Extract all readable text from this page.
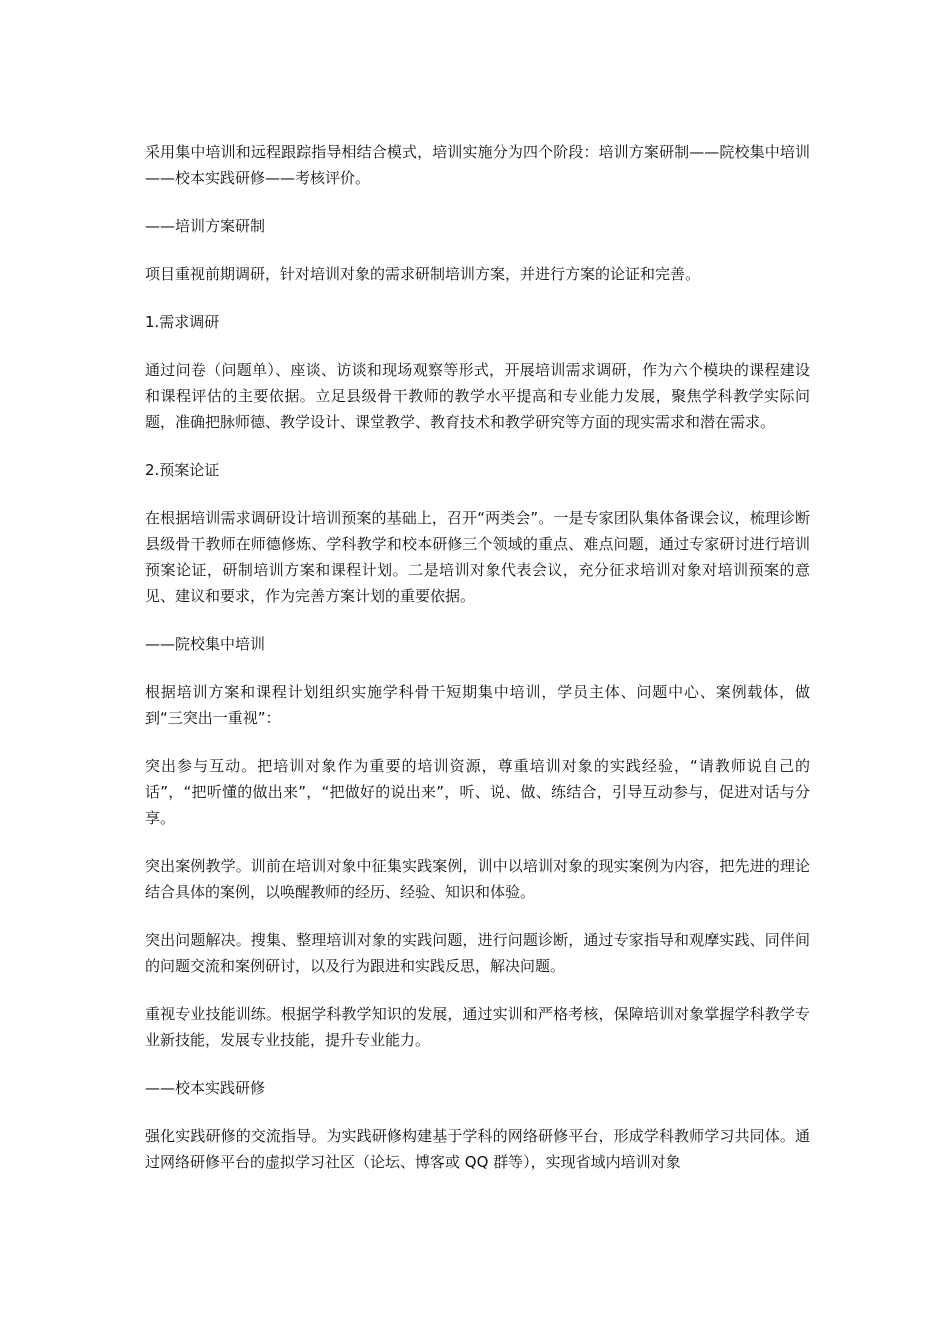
采用集中培训和远程跟踪指导相结合模式，培训实施分为四个阶段：培训方案研制——院校集中培训——校本实践研修——考核评价。

——培训方案研制

项目重视前期调研，针对培训对象的需求研制培训方案，并进行方案的论证和完善。

1.需求调研

通过问卷（问题单）、座谈、访谈和现场观察等形式，开展培训需求调研，作为六个模块的课程建设和课程评估的主要依据。立足县级骨干教师的教学水平提高和专业能力发展，聚焦学科教学实际问题，准确把脉师德、教学设计、课堂教学、教育技术和教学研究等方面的现实需求和潜在需求。

2.预案论证

在根据培训需求调研设计培训预案的基础上，召开“两类会”。一是专家团队集体备课会议，梳理诊断县级骨干教师在师德修炼、学科教学和校本研修三个领域的重点、难点问题，通过专家研讨进行培训预案论证，研制培训方案和课程计划。二是培训对象代表会议，充分征求培训对象对培训预案的意见、建议和要求，作为完善方案计划的重要依据。

——院校集中培训

根据培训方案和课程计划组织实施学科骨干短期集中培训，学员主体、问题中心、案例载体，做到“三突出一重视”：

突出参与互动。把培训对象作为重要的培训资源，尊重培训对象的实践经验，“请教师说自己的话”，“把听懂的做出来”，“把做好的说出来”，听、说、做、练结合，引导互动参与，促进对话与分享。

突出案例教学。训前在培训对象中征集实践案例，训中以培训对象的现实案例为内容，把先进的理论结合具体的案例，以唤醒教师的经历、经验、知识和体验。

突出问题解决。搜集、整理培训对象的实践问题，进行问题诊断，通过专家指导和观摩实践、同伴间的问题交流和案例研讨，以及行为跟进和实践反思，解决问题。

重视专业技能训练。根据学科教学知识的发展，通过实训和严格考核，保障培训对象掌握学科教学专业新技能，发展专业技能，提升专业能力。

——校本实践研修

强化实践研修的交流指导。为实践研修构建基于学科的网络研修平台，形成学科教师学习共同体。通过网络研修平台的虚拟学习社区（论坛、博客或 QQ 群等），实现省域内培训对象
